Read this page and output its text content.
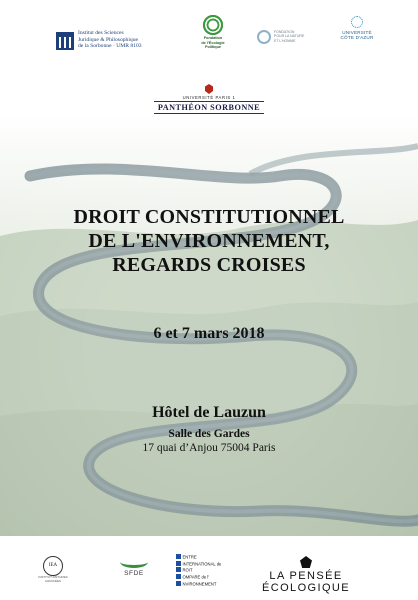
Institut des Sciences
Juridique & Philosophique
de la Sorbonne · UMR 8103
Fondation
de l'Écologie
Politique
FONDATION
POUR LA NATURE
ET L'HOMME
UNIVERSITÉ
CÔTE D'AZUR
UNIVERSITÉ PARIS 1
PANTHÉON SORBONNE
DROIT CONSTITUTIONNEL
DE L'ENVIRONNEMENT,
REGARDS CROISES
6 et 7 mars 2018
Hôtel de Lauzun
Salle des Gardes
17 quai d’Anjou 75004 Paris
IEA
INSTITUT D'ÉTUDES AVANCÉES
SFDE
ENTRE
INTERNATIONAL de
ROIT
OMPARE de l'
NVIRONNEMENT
LA PENSÉE ÉCOLOGIQUE
